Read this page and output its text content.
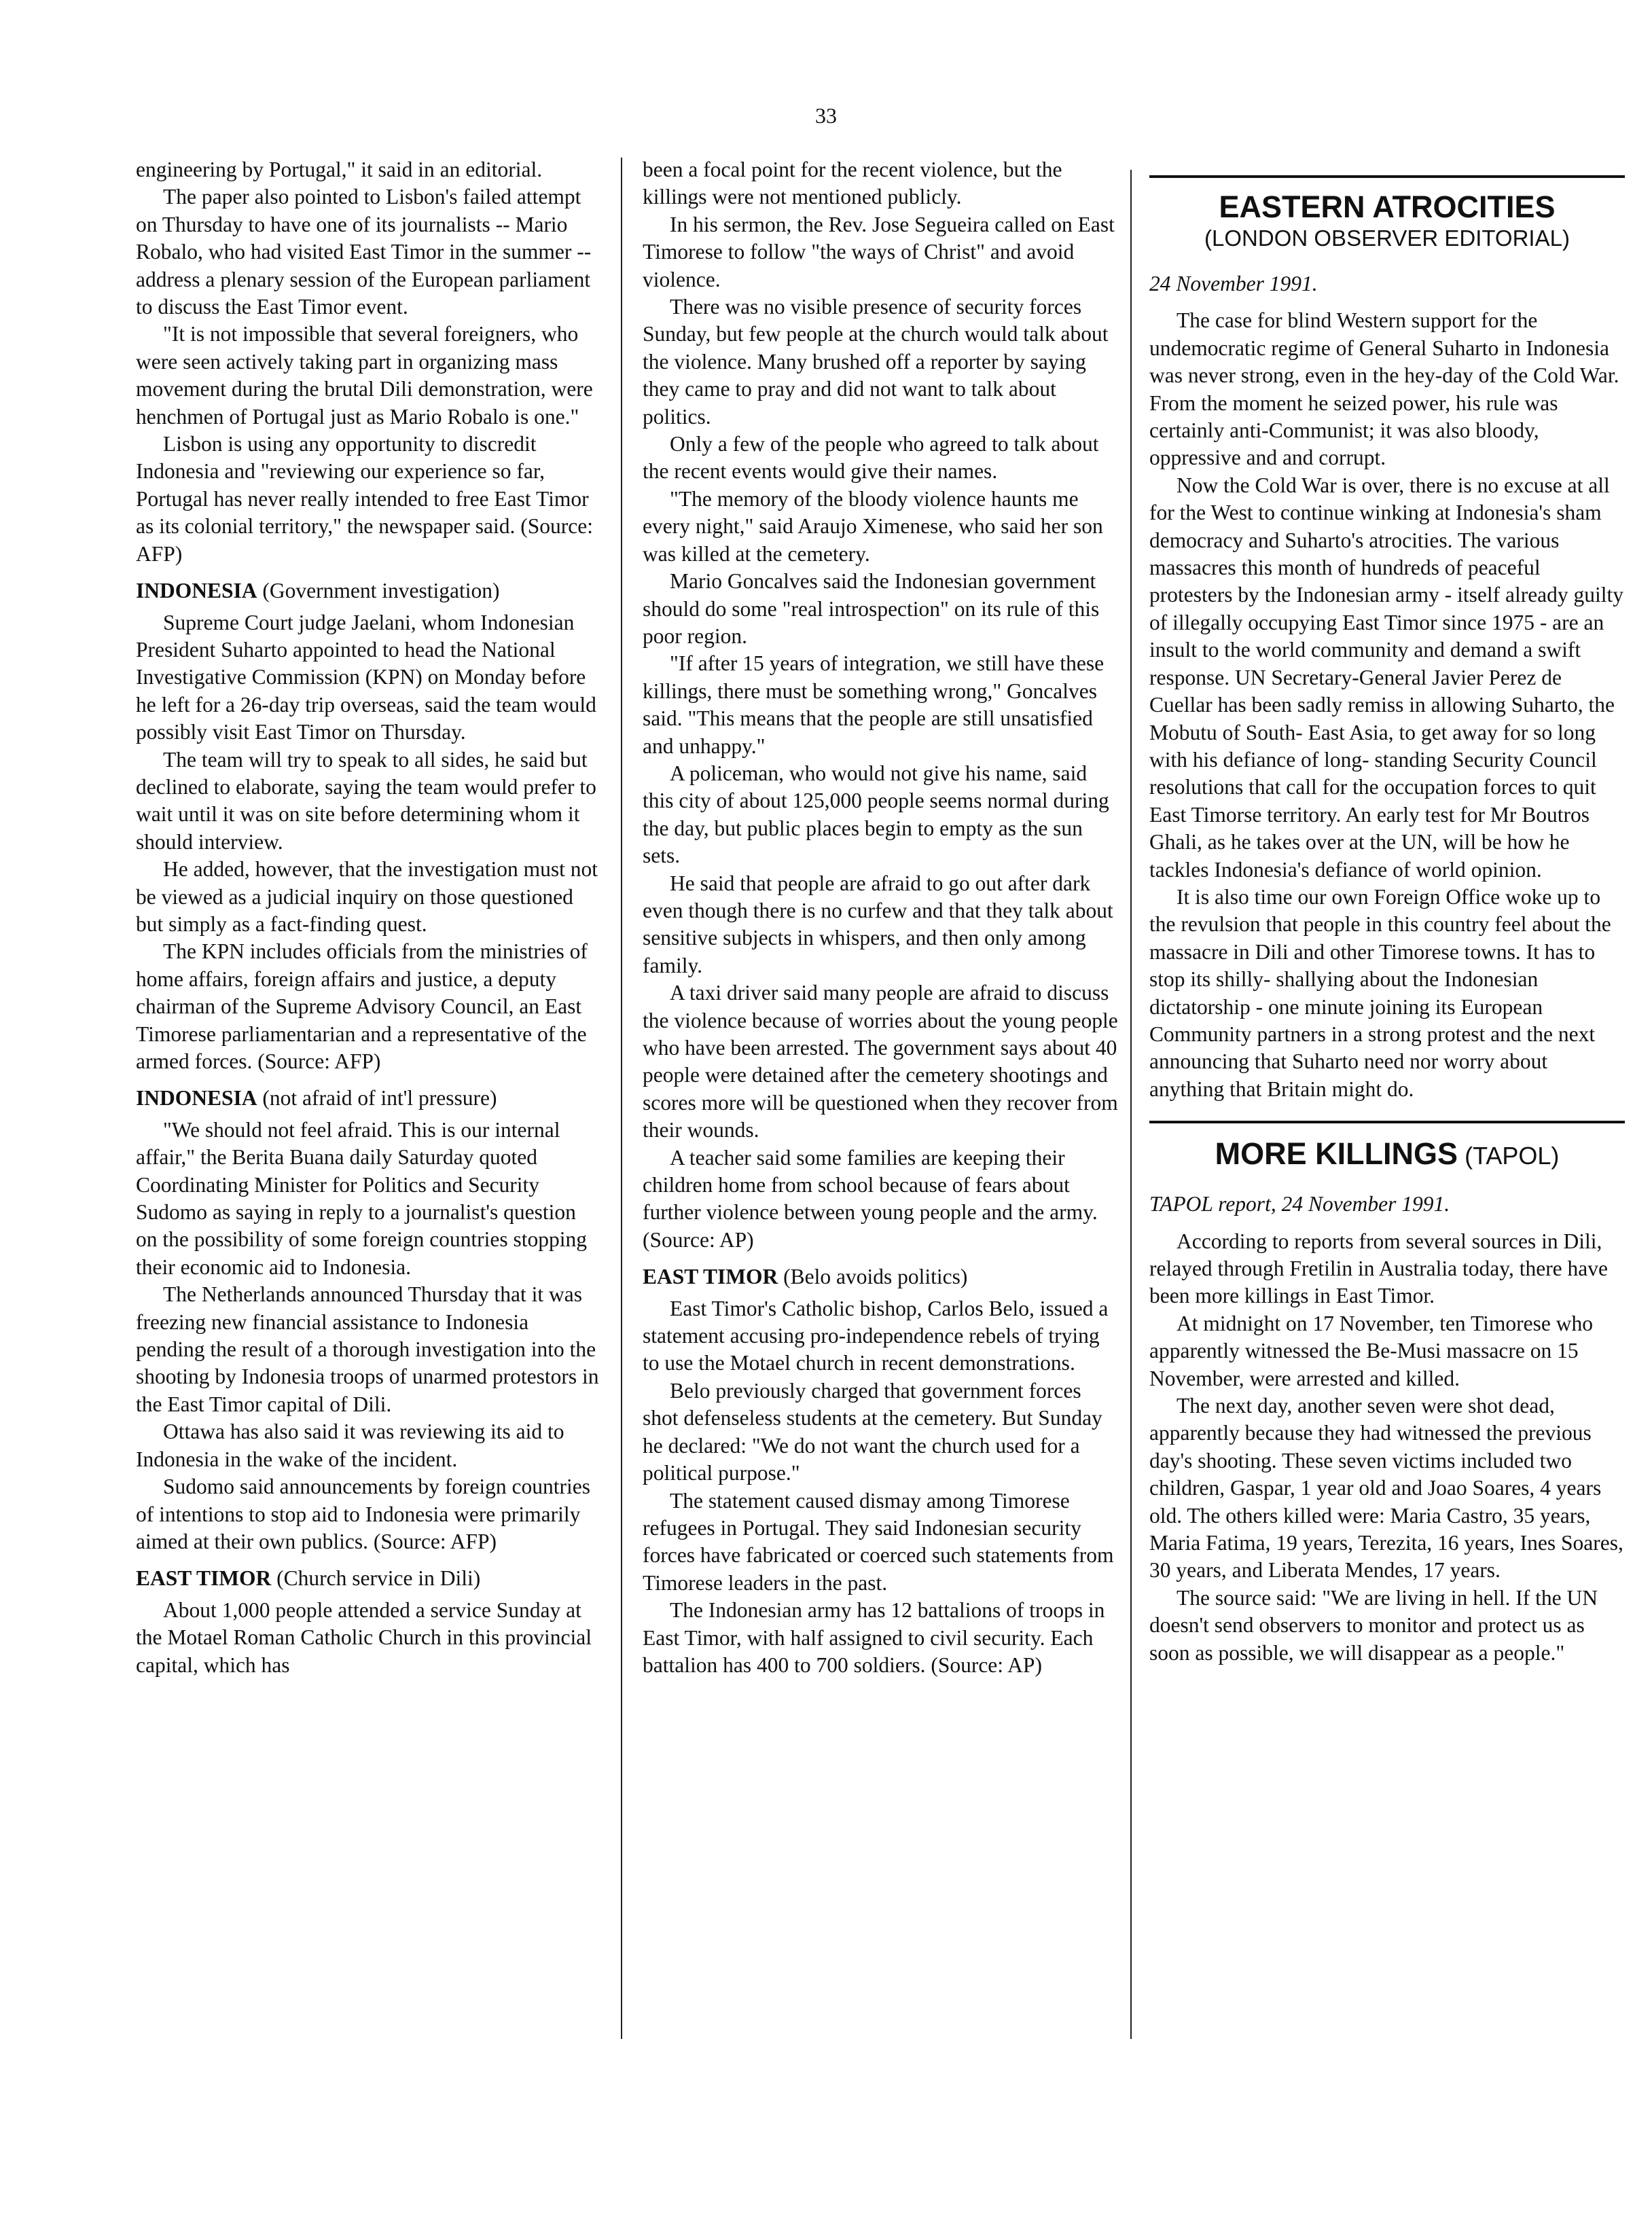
33

engineering by Portugal," it said in an editorial.

The paper also pointed to Lisbon's failed attempt on Thursday to have one of its journalists -- Mario Robalo, who had visited East Timor in the summer -- address a plenary session of the European parliament to discuss the East Timor event.

"It is not impossible that several foreigners, who were seen actively taking part in organizing mass movement during the brutal Dili demonstration, were henchmen of Portugal just as Mario Robalo is one."

Lisbon is using any opportunity to discredit Indonesia and "reviewing our experience so far, Portugal has never really intended to free East Timor as its colonial territory," the newspaper said. (Source: AFP)

INDONESIA (Government investigation)

Supreme Court judge Jaelani, whom Indonesian President Suharto appointed to head the National Investigative Commission (KPN) on Monday before he left for a 26-day trip overseas, said the team would possibly visit East Timor on Thursday.

The team will try to speak to all sides, he said but declined to elaborate, saying the team would prefer to wait until it was on site before determining whom it should interview.

He added, however, that the investigation must not be viewed as a judicial inquiry on those questioned but simply as a fact-finding quest.

The KPN includes officials from the ministries of home affairs, foreign affairs and justice, a deputy chairman of the Supreme Advisory Council, an East Timorese parliamentarian and a representative of the armed forces. (Source: AFP)

INDONESIA (not afraid of int'l pressure)

"We should not feel afraid. This is our internal affair," the Berita Buana daily Saturday quoted Coordinating Minister for Politics and Security Sudomo as saying in reply to a journalist's question on the possibility of some foreign countries stopping their economic aid to Indonesia.

The Netherlands announced Thursday that it was freezing new financial assistance to Indonesia pending the result of a thorough investigation into the shooting by Indonesia troops of unarmed protestors in the East Timor capital of Dili.

Ottawa has also said it was reviewing its aid to Indonesia in the wake of the incident.

Sudomo said announcements by foreign countries of intentions to stop aid to Indonesia were primarily aimed at their own publics. (Source: AFP)

EAST TIMOR (Church service in Dili)

About 1,000 people attended a service Sunday at the Motael Roman Catholic Church in this provincial capital, which has

been a focal point for the recent violence, but the killings were not mentioned publicly.

In his sermon, the Rev. Jose Segueira called on East Timorese to follow "the ways of Christ" and avoid violence.

There was no visible presence of security forces Sunday, but few people at the church would talk about the violence. Many brushed off a reporter by saying they came to pray and did not want to talk about politics.

Only a few of the people who agreed to talk about the recent events would give their names.

"The memory of the bloody violence haunts me every night," said Araujo Ximenese, who said her son was killed at the cemetery.

Mario Goncalves said the Indonesian government should do some "real introspection" on its rule of this poor region.

"If after 15 years of integration, we still have these killings, there must be something wrong," Goncalves said. "This means that the people are still unsatisfied and unhappy."

A policeman, who would not give his name, said this city of about 125,000 people seems normal during the day, but public places begin to empty as the sun sets.

He said that people are afraid to go out after dark even though there is no curfew and that they talk about sensitive subjects in whispers, and then only among family.

A taxi driver said many people are afraid to discuss the violence because of worries about the young people who have been arrested. The government says about 40 people were detained after the cemetery shootings and scores more will be questioned when they recover from their wounds.

A teacher said some families are keeping their children home from school because of fears about further violence between young people and the army. (Source: AP)

EAST TIMOR (Belo avoids politics)

East Timor's Catholic bishop, Carlos Belo, issued a statement accusing pro-independence rebels of trying to use the Motael church in recent demonstrations.

Belo previously charged that government forces shot defenseless students at the cemetery. But Sunday he declared: "We do not want the church used for a political purpose."

The statement caused dismay among Timorese refugees in Portugal. They said Indonesian security forces have fabricated or coerced such statements from Timorese leaders in the past.

The Indonesian army has 12 battalions of troops in East Timor, with half assigned to civil security. Each battalion has 400 to 700 soldiers. (Source: AP)

EASTERN ATROCITIES
(LONDON OBSERVER EDITORIAL)

24 November 1991.

The case for blind Western support for the undemocratic regime of General Suharto in Indonesia was never strong, even in the hey-day of the Cold War. From the moment he seized power, his rule was certainly anti-Communist; it was also bloody, oppressive and and corrupt.

Now the Cold War is over, there is no excuse at all for the West to continue winking at Indonesia's sham democracy and Suharto's atrocities. The various massacres this month of hundreds of peaceful protesters by the Indonesian army - itself already guilty of illegally occupying East Timor since 1975 - are an insult to the world community and demand a swift response. UN Secretary-General Javier Perez de Cuellar has been sadly remiss in allowing Suharto, the Mobutu of South- East Asia, to get away for so long with his defiance of long- standing Security Council resolutions that call for the occupation forces to quit East Timorse territory. An early test for Mr Boutros Ghali, as he takes over at the UN, will be how he tackles Indonesia's defiance of world opinion.

It is also time our own Foreign Office woke up to the revulsion that people in this country feel about the massacre in Dili and other Timorese towns. It has to stop its shilly- shallying about the Indonesian dictatorship - one minute joining its European Community partners in a strong protest and the next announcing that Suharto need nor worry about anything that Britain might do.

MORE KILLINGS (TAPOL)

TAPOL report, 24 November 1991.

According to reports from several sources in Dili, relayed through Fretilin in Australia today, there have been more killings in East Timor.

At midnight on 17 November, ten Timorese who apparently witnessed the Be-Musi massacre on 15 November, were arrested and killed.

The next day, another seven were shot dead, apparently because they had witnessed the previous day's shooting. These seven victims included two children, Gaspar, 1 year old and Joao Soares, 4 years old. The others killed were: Maria Castro, 35 years, Maria Fatima, 19 years, Terezita, 16 years, Ines Soares, 30 years, and Liberata Mendes, 17 years.

The source said: "We are living in hell. If the UN doesn't send observers to monitor and protect us as soon as possible, we will disappear as a people."
